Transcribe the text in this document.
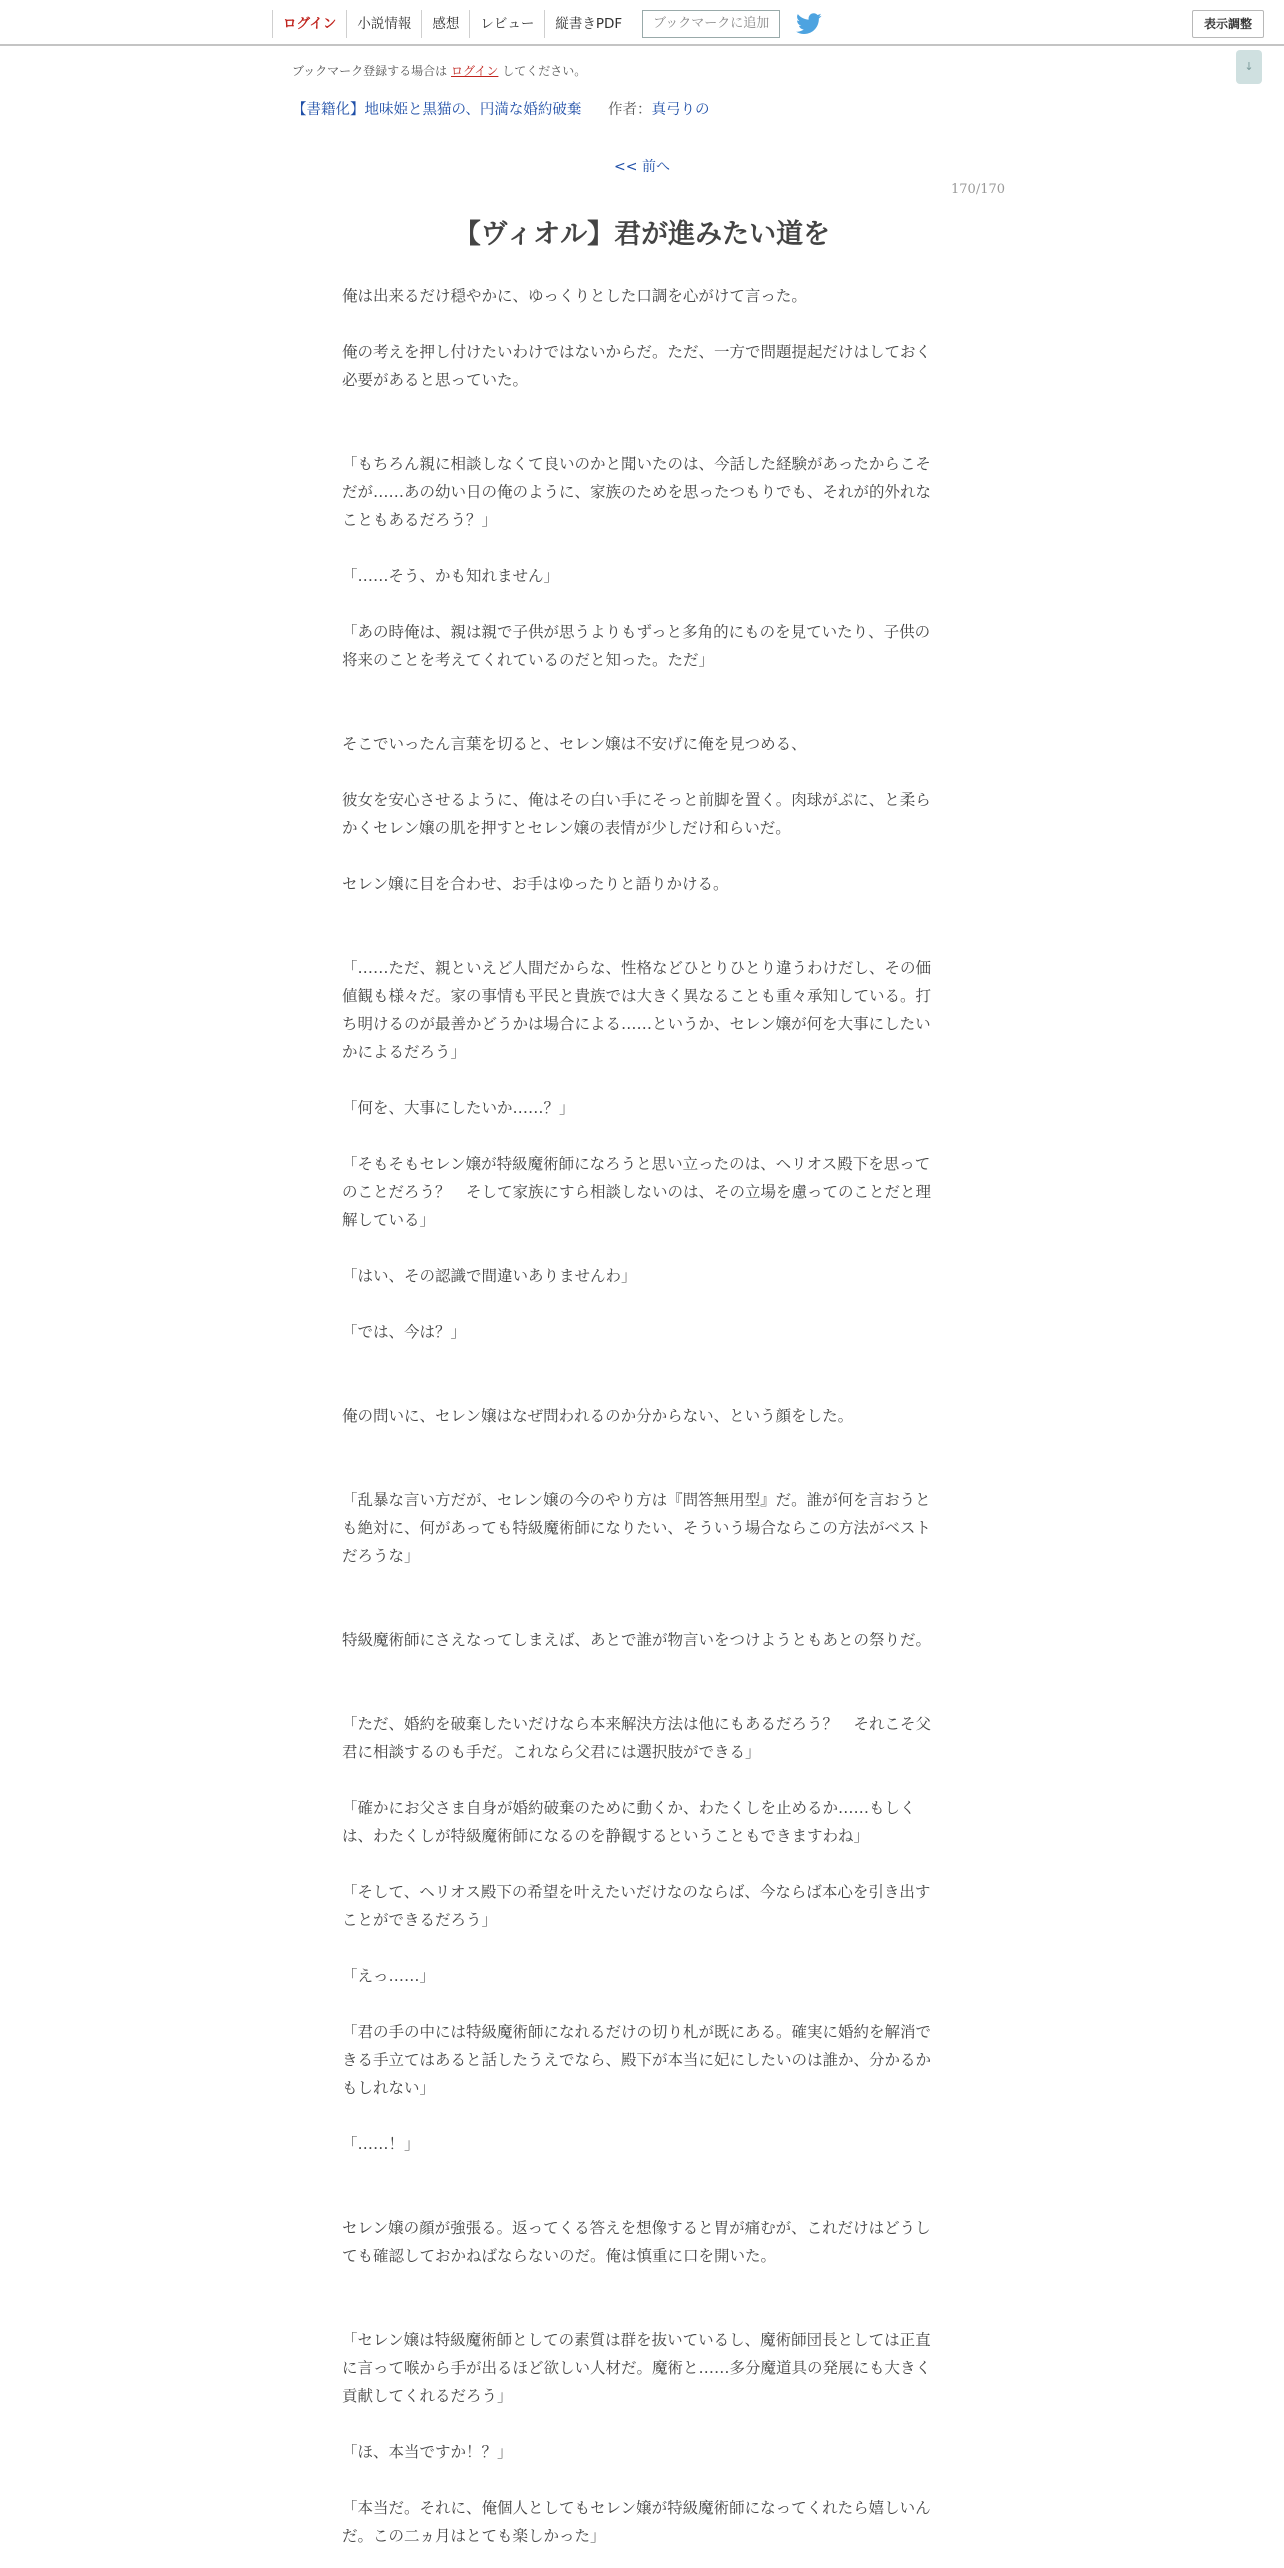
ログイン	小説情報	感想	レビュー	縦書きPDF	ブックマークに追加	表示調整
ブックマーク登録する場合は ログイン してください。	↓
【書籍化】地味姫と黒猫の、円満な婚約破棄 作者：真弓りの
<< 前へ
170/170
【ヴィオル】君が進みたい道を

俺は出来るだけ穏やかに、ゆっくりとした口調を心がけて言った。

俺の考えを押し付けたいわけではないからだ。ただ、一方で問題提起だけはしておく必要があると思っていた。

「もちろん親に相談しなくて良いのかと聞いたのは、今話した経験があったからこそだが……あの幼い日の俺のように、家族のためを思ったつもりでも、それが的外れなこともあるだろう？」

「……そう、かも知れません」

「あの時俺は、親は親で子供が思うよりもずっと多角的にものを見ていたり、子供の将来のことを考えてくれているのだと知った。ただ」

そこでいったん言葉を切ると、セレン嬢は不安げに俺を見つめる、

彼女を安心させるように、俺はその白い手にそっと前脚を置く。肉球がぷに、と柔らかくセレン嬢の肌を押すとセレン嬢の表情が少しだけ和らいだ。

セレン嬢に目を合わせ、お手はゆったりと語りかける。

「……ただ、親といえど人間だからな、性格などひとりひとり違うわけだし、その価値観も様々だ。家の事情も平民と貴族では大きく異なることも重々承知している。打ち明けるのが最善かどうかは場合による……というか、セレン嬢が何を大事にしたいかによるだろう」

「何を、大事にしたいか……？」

「そもそもセレン嬢が特級魔術師になろうと思い立ったのは、ヘリオス殿下を思ってのことだろう？　そして家族にすら相談しないのは、その立場を慮ってのことだと理解している」

「はい、その認識で間違いありませんわ」

「では、今は？」

俺の問いに、セレン嬢はなぜ問われるのか分からない、という顔をした。

「乱暴な言い方だが、セレン嬢の今のやり方は『問答無用型』だ。誰が何を言おうとも絶対に、何があっても特級魔術師になりたい、そういう場合ならこの方法がベストだろうな」

特級魔術師にさえなってしまえば、あとで誰が物言いをつけようともあとの祭りだ。

「ただ、婚約を破棄したいだけなら本来解決方法は他にもあるだろう？　それこそ父君に相談するのも手だ。これなら父君には選択肢ができる」

「確かにお父さま自身が婚約破棄のために動くか、わたくしを止めるか……もしくは、わたくしが特級魔術師になるのを静観するということもできますわね」

「そして、ヘリオス殿下の希望を叶えたいだけなのならば、今ならば本心を引き出すことができるだろう」

「えっ……」

「君の手の中には特級魔術師になれるだけの切り札が既にある。確実に婚約を解消できる手立てはあると話したうえでなら、殿下が本当に妃にしたいのは誰か、分かるかもしれない」

「……！」

セレン嬢の顔が強張る。返ってくる答えを想像すると胃が痛むが、これだけはどうしても確認しておかねばならないのだ。俺は慎重に口を開いた。

「セレン嬢は特級魔術師としての素質は群を抜いているし、魔術師団長としては正直に言って喉から手が出るほど欲しい人材だ。魔術と……多分魔道具の発展にも大きく貢献してくれるだろう」

「ほ、本当ですか！？」

「本当だ。それに、俺個人としてもセレン嬢が特級魔術師になってくれたら嬉しいんだ。この二ヵ月はとても楽しかった」
